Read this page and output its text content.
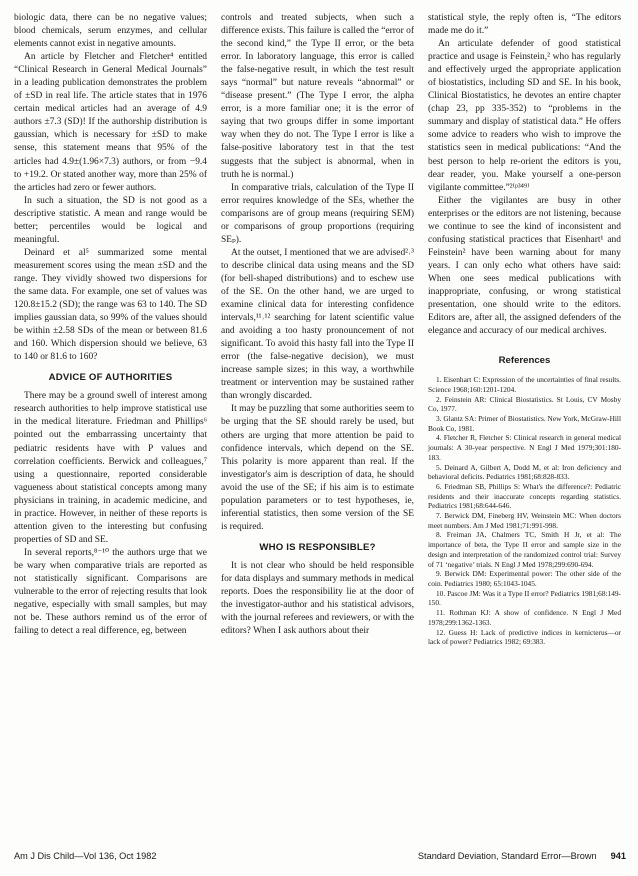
biologic data, there can be no negative values; blood chemicals, serum enzymes, and cellular elements cannot exist in negative amounts.

An article by Fletcher and Fletcher⁴ entitled “Clinical Research in General Medical Journals” in a leading publication demonstrates the problem of ±SD in real life. The article states that in 1976 certain medical articles had an average of 4.9 authors ±7.3 (SD)! If the authorship distribution is gaussian, which is necessary for ±SD to make sense, this statement means that 95% of the articles had 4.9±(1.96×7.3) authors, or from −9.4 to +19.2. Or stated another way, more than 25% of the articles had zero or fewer authors.

In such a situation, the SD is not good as a descriptive statistic. A mean and range would be better; percentiles would be logical and meaningful.

Deinard et al⁵ summarized some mental measurement scores using the mean ±SD and the range. They vividly showed two dispersions for the same data. For example, one set of values was 120.8±15.2 (SD); the range was 63 to 140. The SD implies gaussian data, so 99% of the values should be within ±2.58 SDs of the mean or between 81.6 and 160. Which dispersion should we believe, 63 to 140 or 81.6 to 160?

ADVICE OF AUTHORITIES

There may be a ground swell of interest among research authorities to help improve statistical use in the medical literature. Friedman and Phillips⁶ pointed out the embarrassing uncertainty that pediatric residents have with P values and correlation coefficients. Berwick and colleagues,⁷ using a questionnaire, reported considerable vagueness about statistical concepts among many physicians in training, in academic medicine, and in practice. However, in neither of these reports is attention given to the interesting but confusing properties of SD and SE.

In several reports,⁸⁻¹⁰ the authors urge that we be wary when comparative trials are reported as not statistically significant. Comparisons are vulnerable to the error of rejecting results that look negative, especially with small samples, but may not be. These authors remind us of the error of failing to detect a real difference, eg, between

controls and treated subjects, when such a difference exists. This failure is called the “error of the second kind,” the Type II error, or the beta error. In laboratory language, this error is called the false-negative result, in which the test result says “normal” but nature reveals “abnormal” or “disease present.” (The Type I error, the alpha error, is a more familiar one; it is the error of saying that two groups differ in some important way when they do not. The Type I error is like a false-positive laboratory test in that the test suggests that the subject is abnormal, when in truth he is normal.)

In comparative trials, calculation of the Type II error requires knowledge of the SEs, whether the comparisons are of group means (requiring SEM) or comparisons of group proportions (requiring SEₚ).

At the outset, I mentioned that we are advised²˒³ to describe clinical data using means and the SD (for bell-shaped distributions) and to eschew use of the SE. On the other hand, we are urged to examine clinical data for interesting confidence intervals,¹¹˒¹² searching for latent scientific value and avoiding a too hasty pronouncement of not significant. To avoid this hasty fall into the Type II error (the false-negative decision), we must increase sample sizes; in this way, a worthwhile treatment or intervention may be sustained rather than wrongly discarded.

It may be puzzling that some authorities seem to be urging that the SE should rarely be used, but others are urging that more attention be paid to confidence intervals, which depend on the SE. This polarity is more apparent than real. If the investigator's aim is description of data, he should avoid the use of the SE; if his aim is to estimate population parameters or to test hypotheses, ie, inferential statistics, then some version of the SE is required.

WHO IS RESPONSIBLE?

It is not clear who should be held responsible for data displays and summary methods in medical reports. Does the responsibility lie at the door of the investigator-author and his statistical advisors, with the journal referees and reviewers, or with the editors? When I ask authors about their

statistical style, the reply often is, “The editors made me do it.”

An articulate defender of good statistical practice and usage is Feinstein,² who has regularly and effectively urged the appropriate application of biostatistics, including SD and SE. In his book, Clinical Biostatistics, he devotes an entire chapter (chap 23, pp 335-352) to “problems in the summary and display of statistical data.” He offers some advice to readers who wish to improve the statistics seen in medical publications: “And the best person to help re-orient the editors is you, dear reader, you. Make yourself a one-person vigilante committee.”²⁽ᵖ³⁴⁹⁾

Either the vigilantes are busy in other enterprises or the editors are not listening, because we continue to see the kind of inconsistent and confusing statistical practices that Eisenhart¹ and Feinstein² have been warning about for many years. I can only echo what others have said: When one sees medical publications with inappropriate, confusing, or wrong statistical presentation, one should write to the editors. Editors are, after all, the assigned defenders of the elegance and accuracy of our medical archives.

References

1. Eisenhart C: Expression of the uncertainties of final results. Science 1968;160:1201-1204.

2. Feinstein AR: Clinical Biostatistics. St Louis, CV Mosby Co, 1977.

3. Glantz SA: Primer of Biostatistics. New York, McGraw-Hill Book Co, 1981.

4. Fletcher R, Fletcher S: Clinical research in general medical journals: A 30-year perspective. N Engl J Med 1979;301:180-183.

5. Deinard A, Gilbert A, Dodd M, et al: Iron deficiency and behavioral deficits. Pediatrics 1981;68:828-833.

6. Friedman SB, Phillips S: What's the difference?: Pediatric residents and their inaccurate concepts regarding statistics. Pediatrics 1981;68:644-646.

7. Berwick DM, Fineberg HV, Weinstein MC: When doctors meet numbers. Am J Med 1981;71:991-998.

8. Freiman JA, Chalmers TC, Smith H Jr, et al: The importance of beta, the Type II error and sample size in the design and interpretation of the randomized control trial: Survey of 71 ‘negative’ trials. N Engl J Med 1978;299:690-694.

9. Berwick DM: Experimental power: The other side of the coin. Pediatrics 1980; 65:1043-1045.

10. Pascoe JM: Was it a Type II error? Pediatrics 1981;68:149-150.

11. Rothman KJ: A show of confidence. N Engl J Med 1978;299:1362-1363.

12. Guess H: Lack of predictive indices in kernicterus—or lack of power? Pediatrics 1982; 69:383.

Am J Dis Child—Vol 136, Oct 1982	Standard Deviation, Standard Error—Brown 941
